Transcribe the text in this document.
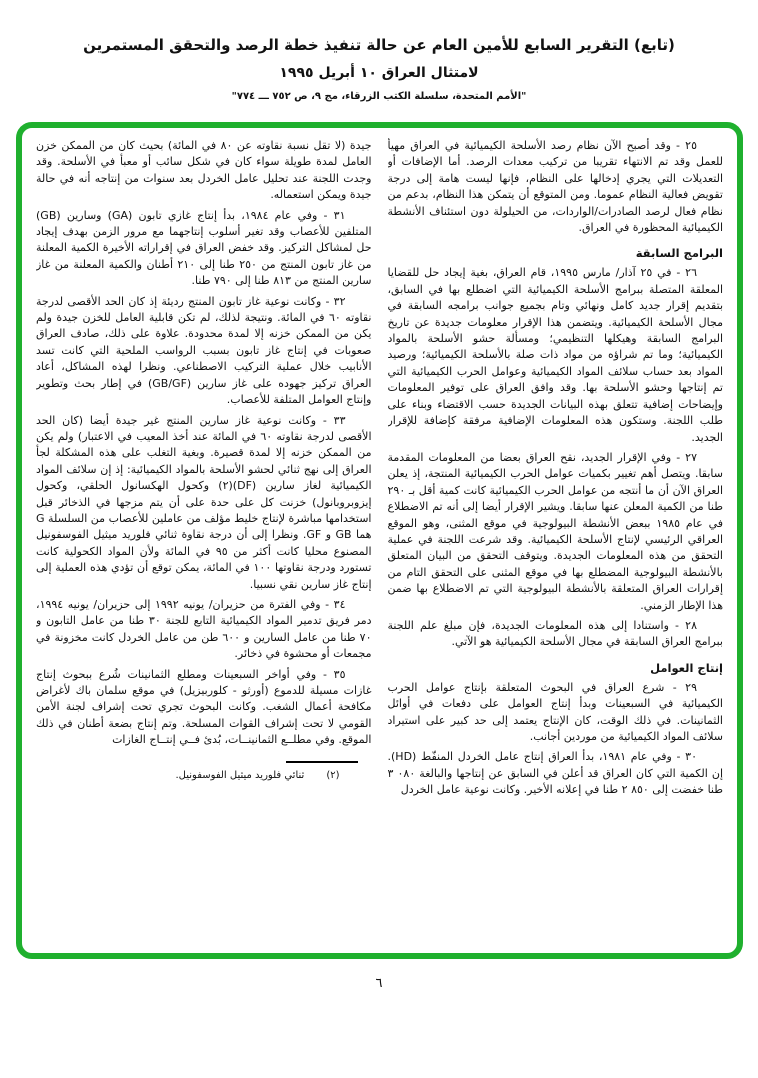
(تابع) التقرير السابع للأمين العام عن حالة تنفيذ خطة الرصد والتحقق المستمرين
لامتثال العراق ١٠ أبريل ١٩٩٥
"الأمم المتحدة، سلسلة الكتب الزرقاء، مج ٩، ص ٧٥٢ ـــ ٧٧٤"

٢٥ - وقد أصبح الآن نظام رصد الأسلحة الكيميائية في العراق مهيأ للعمل وقد تم الانتهاء تقريبا من تركيب معدات الرصد. أما الإضافات أو التعديلات التي يجري إدخالها على النظام، فإنها ليست هامة إلى درجة تقويض فعالية النظام عموما. ومن المتوقع أن يتمكن هذا النظام، بدعم من نظام فعال لرصد الصادرات/الواردات، من الحيلولة دون استئناف الأنشطة الكيميائية المحظورة في العراق.

البرامج السابقة

٢٦ - في ٢٥ آذار/ مارس ١٩٩٥، قام العراق، بغية إيجاد حل للقضايا المعلقة المتصلة ببرامج الأسلحة الكيميائية التي اضطلع بها في السابق، بتقديم إقرار جديد كامل ونهائي وتام بجميع جوانب برامجه السابقة في مجال الأسلحة الكيميائية. ويتضمن هذا الإقرار معلومات جديدة عن تاريخ البرامج السابقة وهيكلها التنظيمي؛ ومسألة حشو الأسلحة بالمواد الكيميائية؛ وما تم شراؤه من مواد ذات صلة بالأسلحة الكيميائية؛ ورصيد المواد بعد حساب سلائف المواد الكيميائية وعوامل الحرب الكيميائية التي تم إنتاجها وحشو الأسلحة بها. وقد وافق العراق على توفير المعلومات وإيضاحات إضافية تتعلق بهذه البيانات الجديدة حسب الاقتضاء وبناء على طلب اللجنة. وستكون هذه المعلومات الإضافية مرفقة كإضافة للإقرار الجديد.

٢٧ - وفي الإقرار الجديد، نقح العراق بعضا من المعلومات المقدمة سابقا. ويتصل أهم تغيير بكميات عوامل الحرب الكيميائية المنتجة، إذ يعلن العراق الآن أن ما أنتجه من عوامل الحرب الكيميائية كانت كمية أقل بـ ٢٩٠ طنا من الكمية المعلن عنها سابقا. ويشير الإقرار أيضا إلى أنه تم الاضطلاع في عام ١٩٨٥ ببعض الأنشطة البيولوجية في موقع المثنى، وهو الموقع العراقي الرئيسي لإنتاج الأسلحة الكيميائية. وقد شرعت اللجنة في عملية التحقق من هذه المعلومات الجديدة. ويتوقف التحقق من البيان المتعلق بالأنشطة البيولوجية المضطلع بها في موقع المثنى على التحقق التام من إقرارات العراق المتعلقة بالأنشطة البيولوجية التي تم الاضطلاع بها ضمن هذا الإطار الزمني.

٢٨ - واستنادا إلى هذه المعلومات الجديدة، فإن مبلغ علم اللجنة ببرامج العراق السابقة في مجال الأسلحة الكيميائية هو الآتي.

إنتاج العوامل

٢٩ - شرع العراق في البحوث المتعلقة بإنتاج عوامل الحرب الكيميائية في السبعينات وبدأ إنتاج العوامل على دفعات في أوائل الثمانينات. في ذلك الوقت، كان الإنتاج يعتمد إلى حد كبير على استيراد سلائف المواد الكيميائية من موردين أجانب.

٣٠ - وفي عام ١٩٨١، بدأ العراق إنتاج عامل الخردل المنفّط (HD). إن الكمية التي كان العراق قد أعلن في السابق عن إنتاجها والبالغة ٠٨٠ ٣ طنا خفضت إلى ٨٥٠ ٢ طنا في إعلانه الأخير. وكانت نوعية عامل الخردل

جيدة (لا تقل نسبة نقاوته عن ٨٠ في المائة) بحيث كان من الممكن خزن العامل لمدة طويلة سواء كان في شكل سائب أو معبأ في الأسلحة. وقد وجدت اللجنة عند تحليل عامل الخردل بعد سنوات من إنتاجه أنه في حالة جيدة ويمكن استعماله.

٣١ - وفي عام ١٩٨٤، بدأ إنتاج غازي تابون (GA) وسارين (GB) المتلفين للأعصاب وقد تغير أسلوب إنتاجهما مع مرور الزمن بهدف إيجاد حل لمشاكل التركيز. وقد خفض العراق في إقراراته الأخيرة الكمية المعلنة من غاز تابون المنتج من ٢٥٠ طنا إلى ٢١٠ أطنان والكمية المعلنة من غاز سارين المنتج من ٨١٣ طنا إلى ٧٩٠ طنا.

٣٢ - وكانت نوعية غاز تابون المنتج رديئة إذ كان الحد الأقصى لدرجة نقاوته ٦٠ في المائة. ونتيجة لذلك، لم تكن قابلية العامل للخزن جيدة ولم يكن من الممكن خزنه إلا لمدة محدودة. علاوة على ذلك، صادف العراق صعوبات في إنتاج غاز تابون بسبب الرواسب الملحية التي كانت تسد الأنابيب خلال عملية التركيب الاصطناعي. ونظرا لهذه المشاكل، أعاد العراق تركيز جهوده على غاز سارين (GB/GF) في إطار بحث وتطوير وإنتاج العوامل المتلفة للأعصاب.

٣٣ - وكانت نوعية غاز سارين المنتج غير جيدة أيضا (كان الحد الأقصى لدرجة نقاوته ٦٠ في المائة عند أخذ المعيب في الاعتبار) ولم يكن من الممكن خزنه إلا لمدة قصيرة. وبغية التغلب على هذه المشكلة لجأ العراق إلى نهج ثنائي لحشو الأسلحة بالمواد الكيميائية: إذ إن سلائف المواد الكيميائية لغاز سارين (DF)(٢) وكحول الهكسانول الحلقي، وكحول إيزوبروبانول) خزنت كل على حدة على أن يتم مزجها في الذخائر قبل استخدامها مباشرة لإنتاج خليط مؤلف من عاملين للأعصاب من السلسلة G هما GB و GF. ونظرا إلى أن درجة نقاوة ثنائي فلوريد ميثيل الفوسفونيل المصنوع محليا كانت أكثر من ٩٥ في المائة ولأن المواد الكحولية كانت تستورد ودرجة نقاوتها ١٠٠ في المائة، يمكن توقع أن تؤدي هذه العملية إلى إنتاج غاز سارين نقي نسبيا.

٣٤ - وفي الفترة من حزيران/ يونيه ١٩٩٢ إلى حزيران/ يونيه ١٩٩٤، دمر فريق تدمير المواد الكيميائية التابع للجنة ٣٠ طنا من عامل التابون و ٧٠ طنا من عامل السارين و ٦٠٠ طن من عامل الخردل كانت مخزونة في مجمعات أو محشوة في ذخائر.

٣٥ - وفي أواخر السبعينات ومطلع الثمانينات شُرع ببحوث إنتاج غازات مسيلة للدموع (أورثو - كلوربيزيل) في موقع سلمان باك لأغراض مكافحة أعمال الشغب. وكانت البحوث تجري تحت إشراف لجنة الأمن القومي لا تحت إشراف القوات المسلحة. وتم إنتاج بضعة أطنان في ذلك الموقع. وفي مطلــع الثمانينــات، بُدئ فــي إنتــاج الغازات

(٢)
ثنائي فلوريد ميثيل الفوسفونيل.
٦
